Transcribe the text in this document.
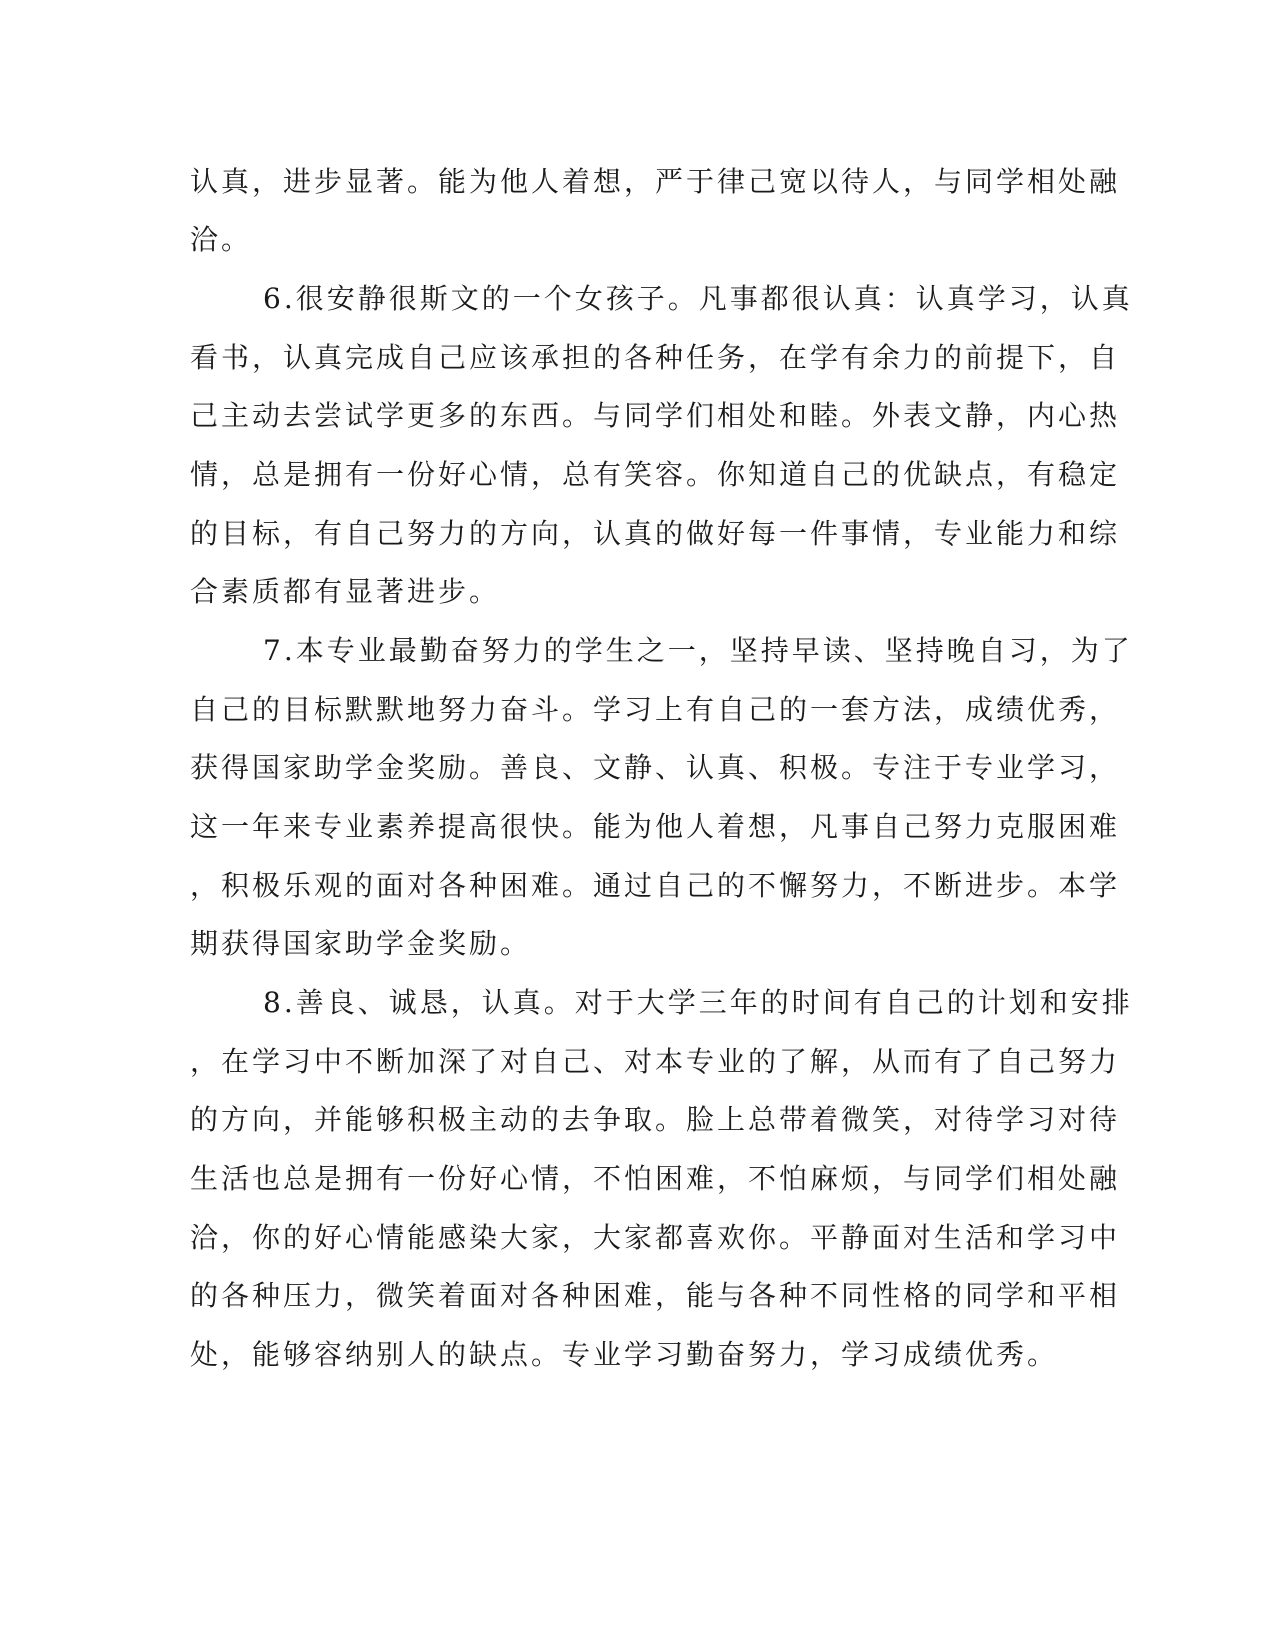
认真，进步显著。能为他人着想，严于律己宽以待人，与同学相处融
洽。
6.很安静很斯文的一个女孩子。凡事都很认真：认真学习，认真
看书，认真完成自己应该承担的各种任务，在学有余力的前提下，自
己主动去尝试学更多的东西。与同学们相处和睦。外表文静，内心热
情，总是拥有一份好心情，总有笑容。你知道自己的优缺点，有稳定
的目标，有自己努力的方向，认真的做好每一件事情，专业能力和综
合素质都有显著进步。
7.本专业最勤奋努力的学生之一，坚持早读、坚持晚自习，为了
自己的目标默默地努力奋斗。学习上有自己的一套方法，成绩优秀，
获得国家助学金奖励。善良、文静、认真、积极。专注于专业学习，
这一年来专业素养提高很快。能为他人着想，凡事自己努力克服困难
，积极乐观的面对各种困难。通过自己的不懈努力，不断进步。本学
期获得国家助学金奖励。
8.善良、诚恳，认真。对于大学三年的时间有自己的计划和安排
，在学习中不断加深了对自己、对本专业的了解，从而有了自己努力
的方向，并能够积极主动的去争取。脸上总带着微笑，对待学习对待
生活也总是拥有一份好心情，不怕困难，不怕麻烦，与同学们相处融
洽，你的好心情能感染大家，大家都喜欢你。平静面对生活和学习中
的各种压力，微笑着面对各种困难，能与各种不同性格的同学和平相
处，能够容纳别人的缺点。专业学习勤奋努力，学习成绩优秀。
